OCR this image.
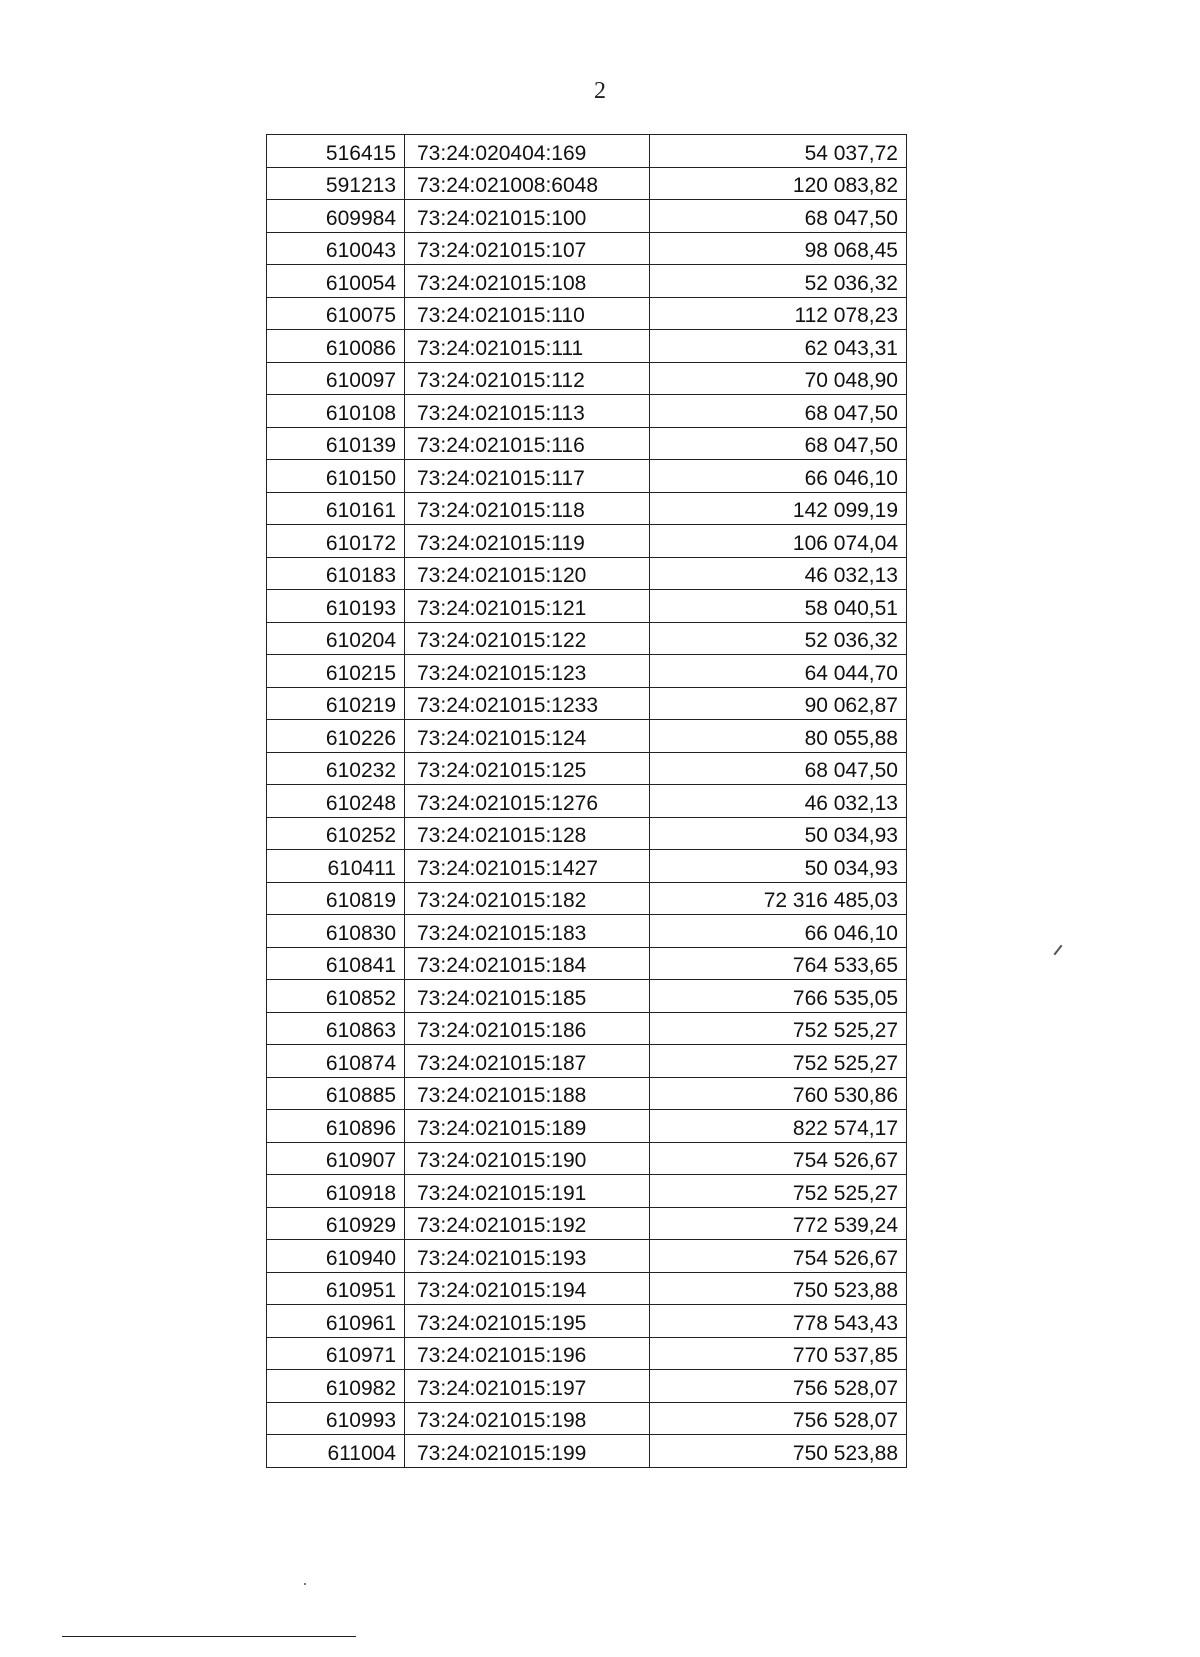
2
516415	73:24:020404:169	54 037,72
591213	73:24:021008:6048	120 083,82
609984	73:24:021015:100	68 047,50
610043	73:24:021015:107	98 068,45
610054	73:24:021015:108	52 036,32
610075	73:24:021015:110	112 078,23
610086	73:24:021015:111	62 043,31
610097	73:24:021015:112	70 048,90
610108	73:24:021015:113	68 047,50
610139	73:24:021015:116	68 047,50
610150	73:24:021015:117	66 046,10
610161	73:24:021015:118	142 099,19
610172	73:24:021015:119	106 074,04
610183	73:24:021015:120	46 032,13
610193	73:24:021015:121	58 040,51
610204	73:24:021015:122	52 036,32
610215	73:24:021015:123	64 044,70
610219	73:24:021015:1233	90 062,87
610226	73:24:021015:124	80 055,88
610232	73:24:021015:125	68 047,50
610248	73:24:021015:1276	46 032,13
610252	73:24:021015:128	50 034,93
610411	73:24:021015:1427	50 034,93
610819	73:24:021015:182	72 316 485,03
610830	73:24:021015:183	66 046,10
610841	73:24:021015:184	764 533,65
610852	73:24:021015:185	766 535,05
610863	73:24:021015:186	752 525,27
610874	73:24:021015:187	752 525,27
610885	73:24:021015:188	760 530,86
610896	73:24:021015:189	822 574,17
610907	73:24:021015:190	754 526,67
610918	73:24:021015:191	752 525,27
610929	73:24:021015:192	772 539,24
610940	73:24:021015:193	754 526,67
610951	73:24:021015:194	750 523,88
610961	73:24:021015:195	778 543,43
610971	73:24:021015:196	770 537,85
610982	73:24:021015:197	756 528,07
610993	73:24:021015:198	756 528,07
611004	73:24:021015:199	750 523,88
